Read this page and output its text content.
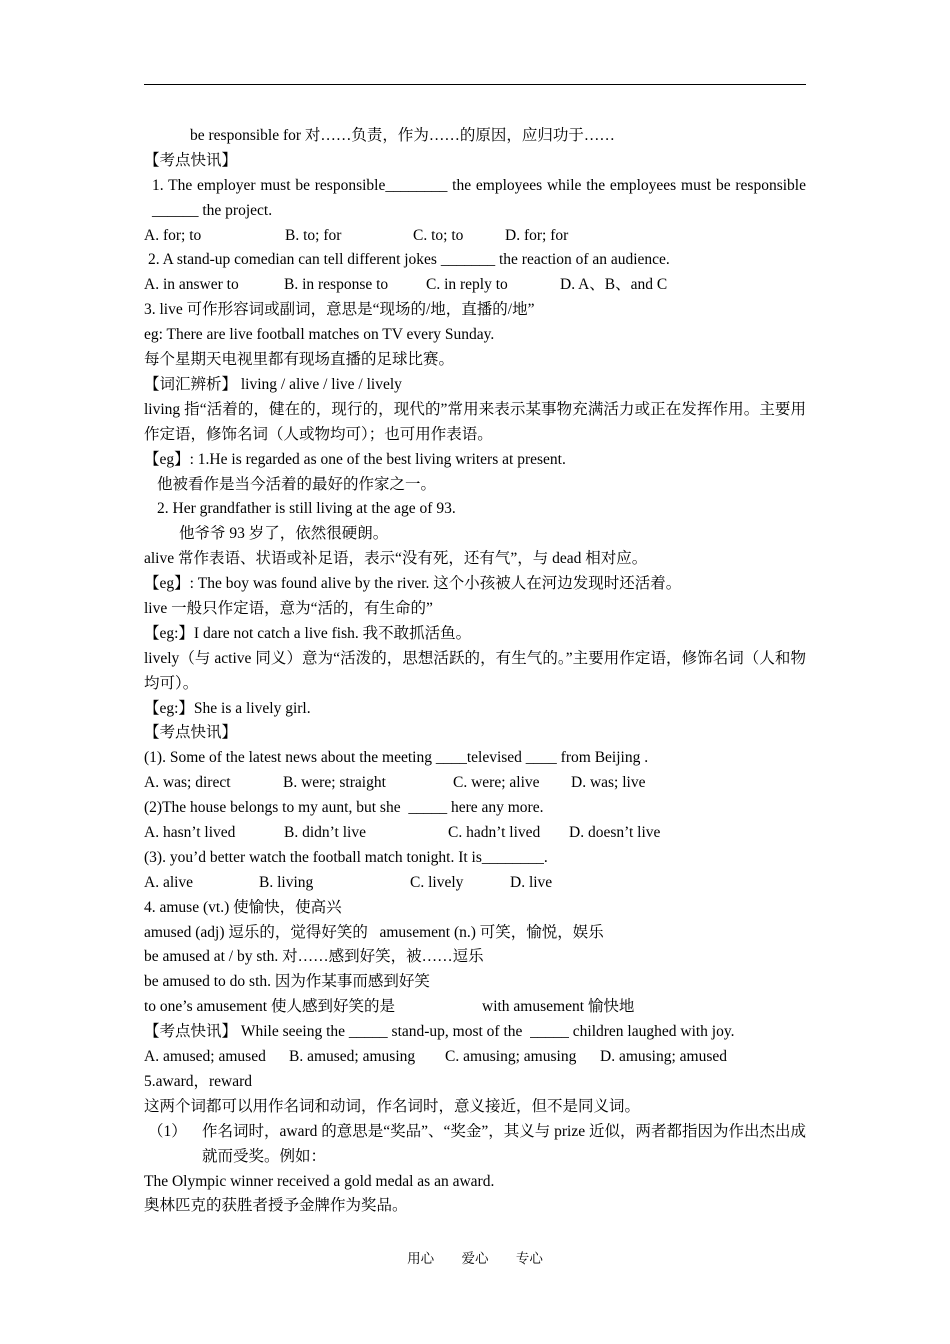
be responsible for 对……负责，作为……的原因，应归功于……
【考点快讯】
1. The employer must be responsible________ the employees while the employees must be responsible ______ the project.
A. for; to	B. to; for	C. to; to	D. for; for
2. A stand-up comedian can tell different jokes _______ the reaction of an audience.
A. in answer to	B. in response to	C. in reply to	D. A、B、and C
3. live 可作形容词或副词，意思是“现场的/地，直播的/地”
eg: There are live football matches on TV every Sunday.
每个星期天电视里都有现场直播的足球比赛。
【词汇辨析】 living / alive / live / lively
living 指“活着的，健在的，现行的，现代的”常用来表示某事物充满活力或正在发挥作用。主要用作定语，修饰名词（人或物均可）；也可用作表语。
【eg】: 1.He is regarded as one of the best living writers at present.
他被看作是当今活着的最好的作家之一。
2. Her grandfather is still living at the age of 93.
他爷爷 93 岁了，依然很硬朗。
alive 常作表语、状语或补足语，表示“没有死，还有气”，与 dead 相对应。
【eg】: The boy was found alive by the river. 这个小孩被人在河边发现时还活着。
live 一般只作定语，意为“活的，有生命的”
【eg:】I dare not catch a live fish. 我不敢抓活鱼。
lively（与 active 同义）意为“活泼的，思想活跃的，有生气的。”主要用作定语，修饰名词（人和物均可）。
【eg:】She is a lively girl.
【考点快讯】
(1). Some of the latest news about the meeting ____televised ____ from Beijing .
A. was; direct	B. were; straight	C. were; alive	D. was; live
(2)The house belongs to my aunt, but she  _____ here any more.
A. hasn’t lived	B. didn’t live	C. hadn’t lived	D. doesn’t live
(3). you’d better watch the football match tonight. It is________.
A. alive	B. living	C. lively	D. live
4. amuse (vt.) 使愉快，使高兴
amused (adj) 逗乐的，觉得好笑的   amusement (n.) 可笑，愉悦，娱乐
be amused at / by sth. 对……感到好笑，被……逗乐
be amused to do sth. 因为作某事而感到好笑
to one’s amusement 使人感到好笑的是	with amusement 愉快地
【考点快讯】 While seeing the _____ stand-up, most of the  _____ children laughed with joy.
A. amused; amused	B. amused; amusing	C. amusing; amusing	D. amusing; amused
5.award，reward
这两个词都可以用作名词和动词，作名词时，意义接近，但不是同义词。
（1） 作名词时，award 的意思是“奖品”、“奖金”，其义与 prize 近似，两者都指因为作出杰出成就而受奖。例如：
The Olympic winner received a gold medal as an award.
奥林匹克的获胜者授予金牌作为奖品。
用心 爱心 专心
